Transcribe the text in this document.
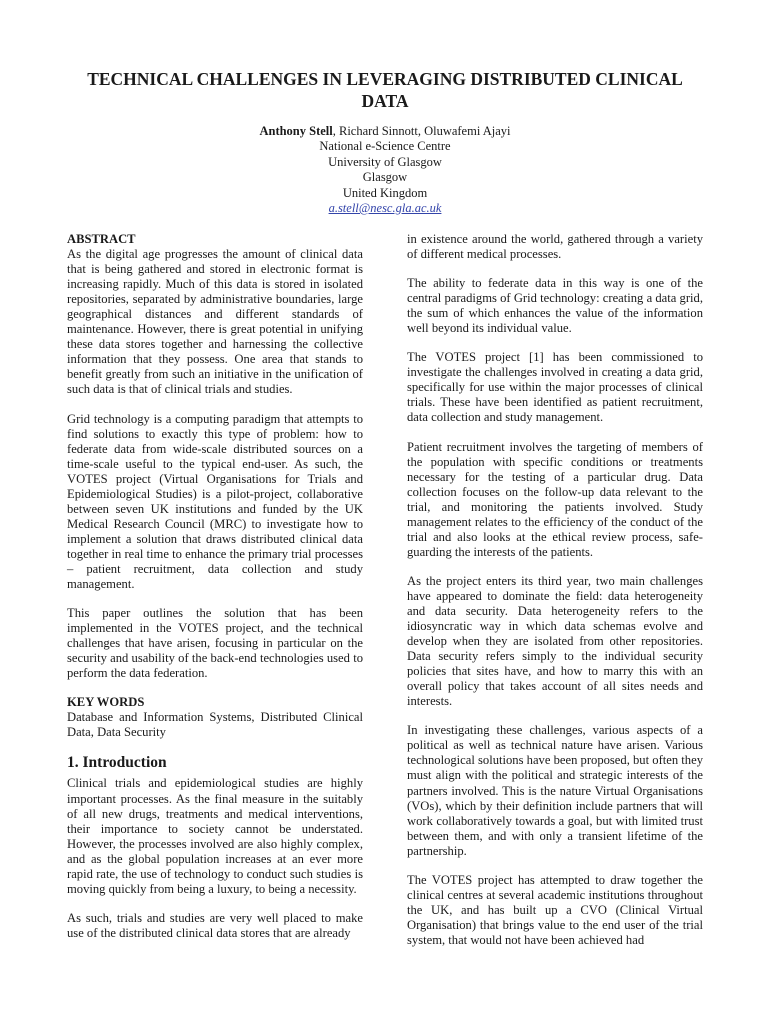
TECHNICAL CHALLENGES IN LEVERAGING DISTRIBUTED CLINICAL DATA
Anthony Stell, Richard Sinnott, Oluwafemi Ajayi
National e-Science Centre
University of Glasgow
Glasgow
United Kingdom
a.stell@nesc.gla.ac.uk
ABSTRACT

As the digital age progresses the amount of clinical data that is being gathered and stored in electronic format is increasing rapidly. Much of this data is stored in isolated repositories, separated by administrative boundaries, large geographical distances and different standards of maintenance. However, there is great potential in unifying these data stores together and harnessing the collective information that they possess. One area that stands to benefit greatly from such an initiative in the unification of such data is that of clinical trials and studies.

Grid technology is a computing paradigm that attempts to find solutions to exactly this type of problem: how to federate data from wide-scale distributed sources on a time-scale useful to the typical end-user. As such, the VOTES project (Virtual Organisations for Trials and Epidemiological Studies) is a pilot-project, collaborative between seven UK institutions and funded by the UK Medical Research Council (MRC) to investigate how to implement a solution that draws distributed clinical data together in real time to enhance the primary trial processes – patient recruitment, data collection and study management.

This paper outlines the solution that has been implemented in the VOTES project, and the technical challenges that have arisen, focusing in particular on the security and usability of the back-end technologies used to perform the data federation.

KEY WORDS

Database and Information Systems, Distributed Clinical Data, Data Security

1. Introduction

Clinical trials and epidemiological studies are highly important processes. As the final measure in the suitably of all new drugs, treatments and medical interventions, their importance to society cannot be understated. However, the processes involved are also highly complex, and as the global population increases at an ever more rapid rate, the use of technology to conduct such studies is moving quickly from being a luxury, to being a necessity.

As such, trials and studies are very well placed to make use of the distributed clinical data stores that are already

in existence around the world, gathered through a variety of different medical processes.

The ability to federate data in this way is one of the central paradigms of Grid technology: creating a data grid, the sum of which enhances the value of the information well beyond its individual value.

The VOTES project [1] has been commissioned to investigate the challenges involved in creating a data grid, specifically for use within the major processes of clinical trials. These have been identified as patient recruitment, data collection and study management.

Patient recruitment involves the targeting of members of the population with specific conditions or treatments necessary for the testing of a particular drug. Data collection focuses on the follow-up data relevant to the trial, and monitoring the patients involved. Study management relates to the efficiency of the conduct of the trial and also looks at the ethical review process, safe-guarding the interests of the patients.

As the project enters its third year, two main challenges have appeared to dominate the field: data heterogeneity and data security. Data heterogeneity refers to the idiosyncratic way in which data schemas evolve and develop when they are isolated from other repositories. Data security refers simply to the individual security policies that sites have, and how to marry this with an overall policy that takes account of all sites needs and interests.

In investigating these challenges, various aspects of a political as well as technical nature have arisen. Various technological solutions have been proposed, but often they must align with the political and strategic interests of the partners involved. This is the nature Virtual Organisations (VOs), which by their definition include partners that will work collaboratively towards a goal, but with limited trust between them, and with only a transient lifetime of the partnership.

The VOTES project has attempted to draw together the clinical centres at several academic institutions throughout the UK, and has built up a CVO (Clinical Virtual Organisation) that brings value to the end user of the trial system, that would not have been achieved had
